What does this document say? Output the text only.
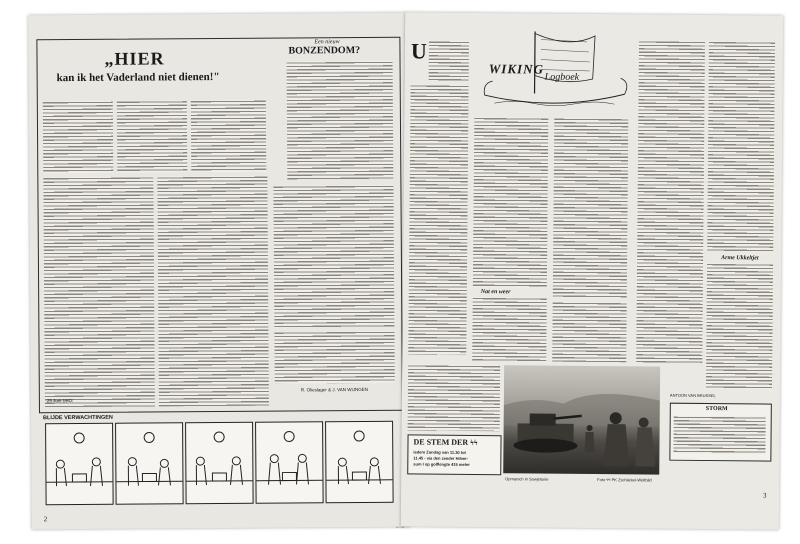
„HIER
kan ik het Vaderland niet dienen!"
Een nieuw
BONZENDOM?
R. Olieslager & J. VAN WIJNGEN
25 Juni 1943
BLIJDE VERWACHTINGEN
2
U
WIKING
Logboek
Nat en weer
Arme Ukkeltjet
DE STEM DER ϟϟ
iedere Zondag van 11.30 tot
11.45 - via den zender Hilver-
sum I op golflengte 415 meter
Opmarsch in Sowjetunie	Foto ϟϟ PK Zschäckel-Weltbild
ANTOON VAN BRUSSEL
STORM
3
